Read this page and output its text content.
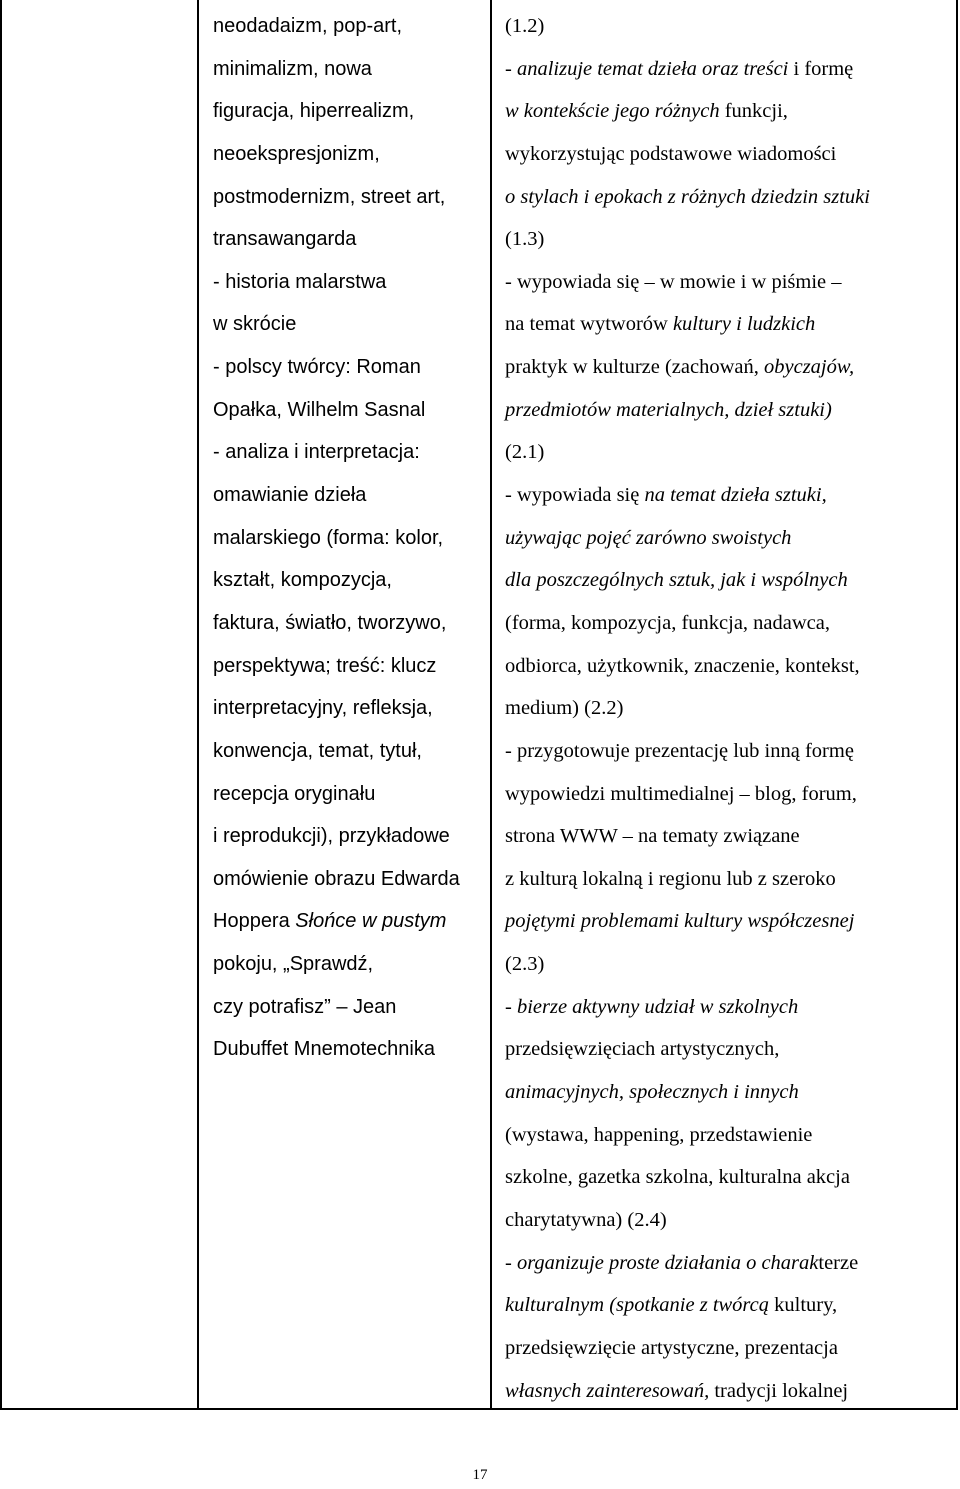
neodadaizm, pop-art,
minimalizm, nowa
figuracja, hiperrealizm,
neoekspresjonizm,
postmodernizm, street art,
transawangarda
- historia malarstwa
w skrócie
- polscy twórcy: Roman
Opałka, Wilhelm Sasnal
- analiza i interpretacja:
omawianie dzieła
malarskiego (forma: kolor,
kształt, kompozycja,
faktura, światło, tworzywo,
perspektywa; treść: klucz
interpretacyjny, refleksja,
konwencja, temat, tytuł,
recepcja oryginału
i reprodukcji), przykładowe
omówienie obrazu Edwarda
Hoppera Słońce w pustym
pokoju, „Sprawdź,
czy potrafisz” – Jean
Dubuffet Mnemotechnika
(1.2)
- analizuje temat dzieła oraz treści i formę
w kontekście jego różnych funkcji,
wykorzystując podstawowe wiadomości
o stylach i epokach z różnych dziedzin sztuki
(1.3)
- wypowiada się – w mowie i w piśmie –
na temat wytworów kultury i ludzkich
praktyk w kulturze (zachowań, obyczajów,
przedmiotów materialnych, dzieł sztuki)
(2.1)
- wypowiada się na temat dzieła sztuki,
używając pojęć zarówno swoistych
dla poszczególnych sztuk, jak i wspólnych
(forma, kompozycja, funkcja, nadawca,
odbiorca, użytkownik, znaczenie, kontekst,
medium) (2.2)
- przygotowuje prezentację lub inną formę
wypowiedzi multimedialnej – blog, forum,
strona WWW – na tematy związane
z kulturą lokalną i regionu lub z szeroko
pojętymi problemami kultury współczesnej
(2.3)
- bierze aktywny udział w szkolnych
przedsięwzięciach artystycznych,
animacyjnych, społecznych i innych
(wystawa, happening, przedstawienie
szkolne, gazetka szkolna, kulturalna akcja
charytatywna) (2.4)
- organizuje proste działania o charakterze
kulturalnym (spotkanie z twórcą kultury,
przedsięwzięcie artystyczne, prezentacja
własnych zainteresowań, tradycji lokalnej
17
